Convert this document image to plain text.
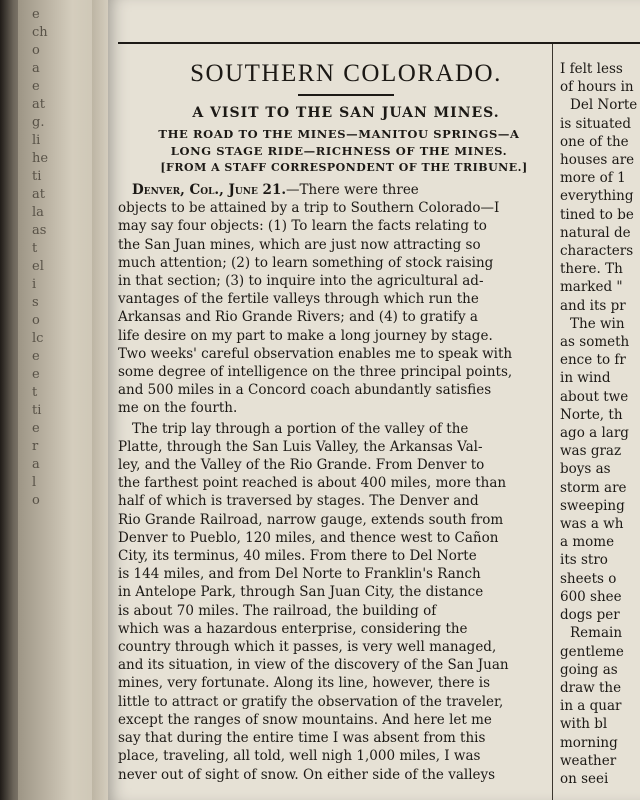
e
ch
o
a
e
at
g.
li
he
ti
at
la
as
t
el
i
s
o
lc
e
e
t
ti
e
r
a
l
o
SOUTHERN COLORADO.
A VISIT TO THE SAN JUAN MINES.
THE ROAD TO THE MINES—MANITOU SPRINGS—A
LONG STAGE RIDE—RICHNESS OF THE MINES.
[FROM A STAFF CORRESPONDENT OF THE TRIBUNE.]
Denver, Col., June 21.—There were three
objects to be attained by a trip to Southern Colorado—I
may say four objects: (1) To learn the facts relating to
the San Juan mines, which are just now attracting so
much attention; (2) to learn something of stock raising
in that section; (3) to inquire into the agricultural ad-
vantages of the fertile valleys through which run the
Arkansas and Rio Grande Rivers; and (4) to gratify a
life desire on my part to make a long journey by stage.
Two weeks' careful observation enables me to speak with
some degree of intelligence on the three principal points,
and 500 miles in a Concord coach abundantly satisfies
me on the fourth.
The trip lay through a portion of the valley of the
Platte, through the San Luis Valley, the Arkansas Val-
ley, and the Valley of the Rio Grande. From Denver to
the farthest point reached is about 400 miles, more than
half of which is traversed by stages. The Denver and
Rio Grande Railroad, narrow gauge, extends south from
Denver to Pueblo, 120 miles, and thence west to Cañon
City, its terminus, 40 miles. From there to Del Norte
is 144 miles, and from Del Norte to Franklin's Ranch
in Antelope Park, through San Juan City, the distance
is about 70 miles. The railroad, the building of
which was a hazardous enterprise, considering the
country through which it passes, is very well managed,
and its situation, in view of the discovery of the San Juan
mines, very fortunate. Along its line, however, there is
little to attract or gratify the observation of the traveler,
except the ranges of snow mountains. And here let me
say that during the entire time I was absent from this
place, traveling, all told, well nigh 1,000 miles, I was
never out of sight of snow. On either side of the valleys
I felt less
of hours in
Del Norte
is situated
one of the
houses are
more of 1
everything
tined to be
natural de
characters
there. Th
marked "
and its pr
The win
as someth
ence to fr
in wind
about twe
Norte, th
ago a larg
was graz
boys as
storm are
sweeping
was a wh
a mome
its stro
sheets o
600 shee
dogs per
Remain
gentleme
going as
draw the
in a quar
with bl
morning
weather
on seei
